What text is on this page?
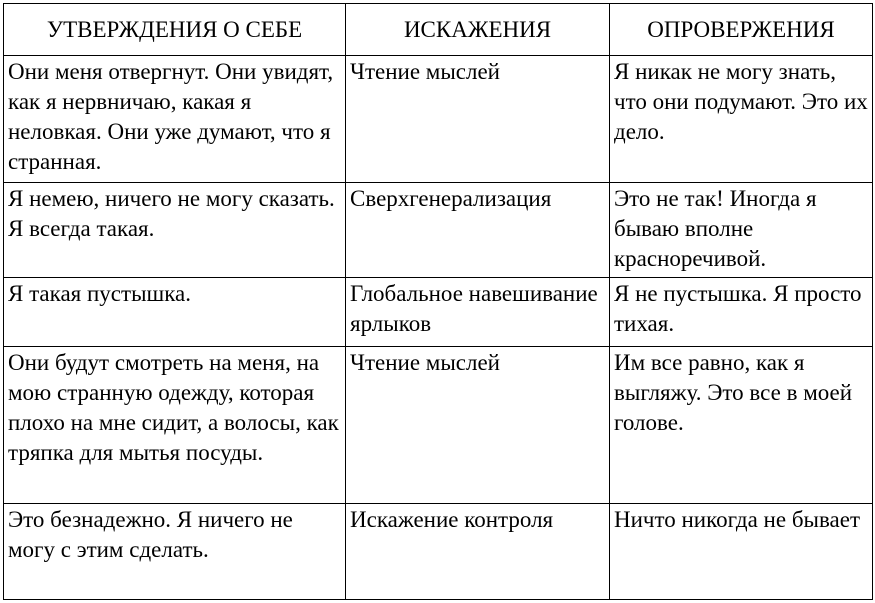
УТВЕРЖДЕНИЯ О СЕБЕ	ИСКАЖЕНИЯ	ОПРОВЕРЖЕНИЯ
Они меня отвергнут. Они увидят, как я нервничаю, какая я неловкая. Они уже думают, что я странная.	Чтение мыслей	Я никак не могу знать, что они подумают. Это их дело.
Я немею, ничего не могу сказать. Я всегда такая.	Сверхгенерализация	Это не так! Иногда я бываю вполне красноречивой.
Я такая пустышка.	Глобальное навешивание ярлыков	Я не пустышка. Я просто тихая.
Они будут смотреть на меня, на мою странную одежду, которая плохо на мне сидит, а волосы, как тряпка для мытья посуды.	Чтение мыслей	Им все равно, как я выгляжу. Это все в моей голове.
Это безнадежно. Я ничего не могу с этим сделать.	Искажение контроля	Ничто никогда не бывает
